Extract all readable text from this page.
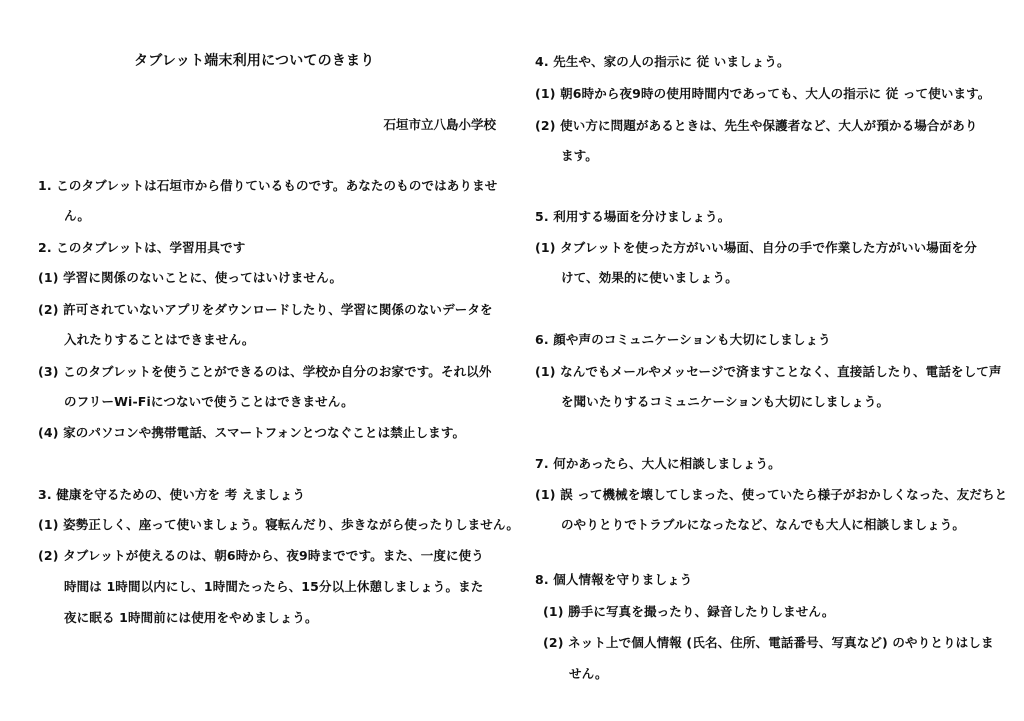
タブレット端末利用についてのきまり
石垣市立八島小学校
1. このタブレットは石垣市から借りているものです。あなたのものではありませ
ん。
2. このタブレットは、学習用具です
(1) 学習に関係のないことに、使ってはいけません。
(2) 許可されていないアプリをダウンロードしたり、学習に関係のないデータを
入れたりすることはできません。
(3) このタブレットを使うことができるのは、学校か自分のお家です。それ以外
のフリーWi-Fiにつないで使うことはできません。
(4) 家のパソコンや携帯電話、スマートフォンとつなぐことは禁止します。
3. 健康を守るための、使い方を 考 えましょう
(1) 姿勢正しく、座って使いましょう。寝転んだり、歩きながら使ったりしません。
(2) タブレットが使えるのは、朝6時から、夜9時までです。また、一度に使う
時間は 1時間以内にし、1時間たったら、15分以上休憩しましょう。また
夜に眠る 1時間前には使用をやめましょう。
4. 先生や、家の人の指示に 従 いましょう。
(1) 朝6時から夜9時の使用時間内であっても、大人の指示に 従 って使います。
(2) 使い方に問題があるときは、先生や保護者など、大人が預かる場合があり
ます。
5. 利用する場面を分けましょう。
(1) タブレットを使った方がいい場面、自分の手で作業した方がいい場面を分
けて、効果的に使いましょう。
6. 顔や声のコミュニケーションも大切にしましょう
(1) なんでもメールやメッセージで済ますことなく、直接話したり、電話をして声
を聞いたりするコミュニケーションも大切にしましょう。
7. 何かあったら、大人に相談しましょう。
(1) 誤 って機械を壊してしまった、使っていたら様子がおかしくなった、友だちと
のやりとりでトラブルになったなど、なんでも大人に相談しましょう。
8. 個人情報を守りましょう
(1) 勝手に写真を撮ったり、録音したりしません。
(2) ネット上で個人情報 (氏名、住所、電話番号、写真など) のやりとりはしま
せん。
